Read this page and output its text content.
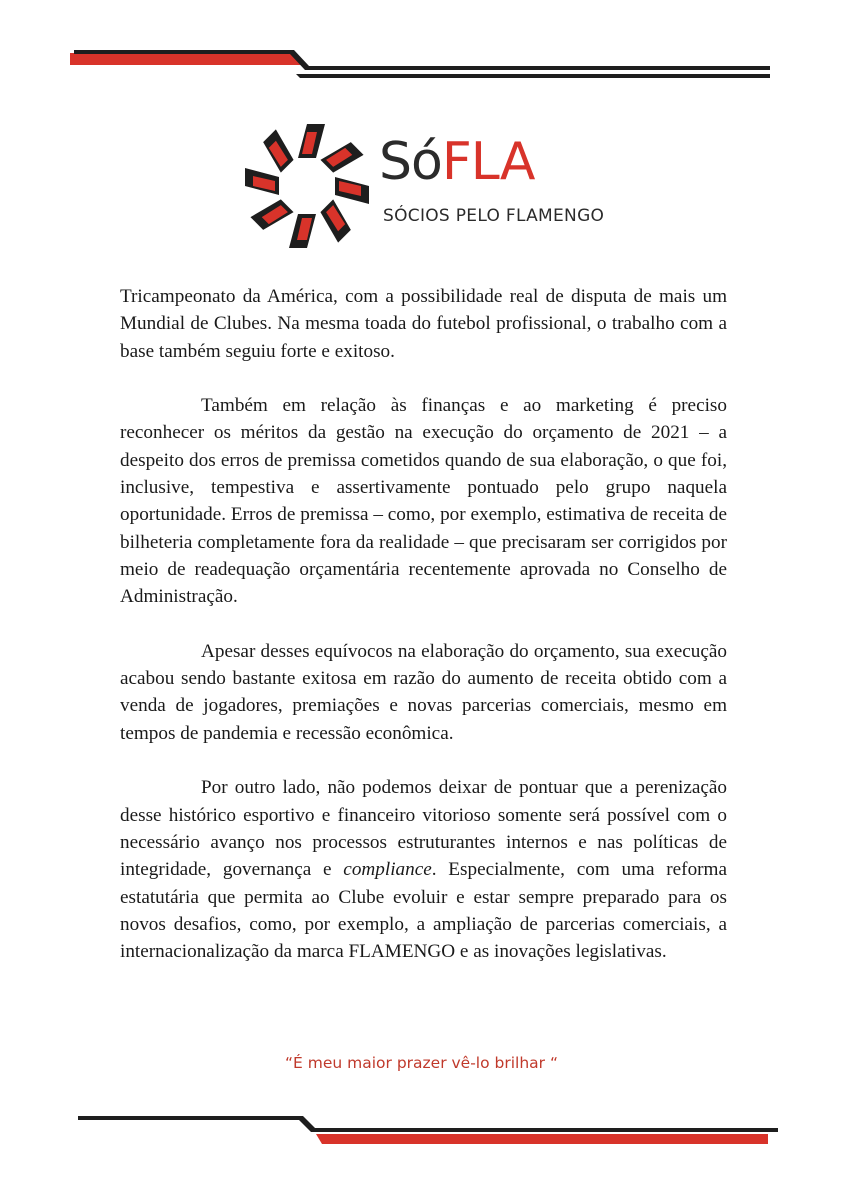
SóFLA
SÓCIOS PELO FLAMENGO

Tricampeonato da América, com a possibilidade real de disputa de mais um Mundial de Clubes. Na mesma toada do futebol profissional, o trabalho com a base também seguiu forte e exitoso.

Também em relação às finanças e ao marketing é preciso reconhecer os méritos da gestão na execução do orçamento de 2021 – a despeito dos erros de premissa cometidos quando de sua elaboração, o que foi, inclusive, tempestiva e assertivamente pontuado pelo grupo naquela oportunidade. Erros de premissa – como, por exemplo, estimativa de receita de bilheteria completamente fora da realidade – que precisaram ser corrigidos por meio de readequação orçamentária recentemente aprovada no Conselho de Administração.

Apesar desses equívocos na elaboração do orçamento, sua execução acabou sendo bastante exitosa em razão do aumento de receita obtido com a venda de jogadores, premiações e novas parcerias comerciais, mesmo em tempos de pandemia e recessão econômica.

Por outro lado, não podemos deixar de pontuar que a perenização desse histórico esportivo e financeiro vitorioso somente será possível com o necessário avanço nos processos estruturantes internos e nas políticas de integridade, governança e compliance. Especialmente, com uma reforma estatutária que permita ao Clube evoluir e estar sempre preparado para os novos desafios, como, por exemplo, a ampliação de parcerias comerciais, a internacionalização da marca FLAMENGO e as inovações legislativas.

“É meu maior prazer vê-lo brilhar “
